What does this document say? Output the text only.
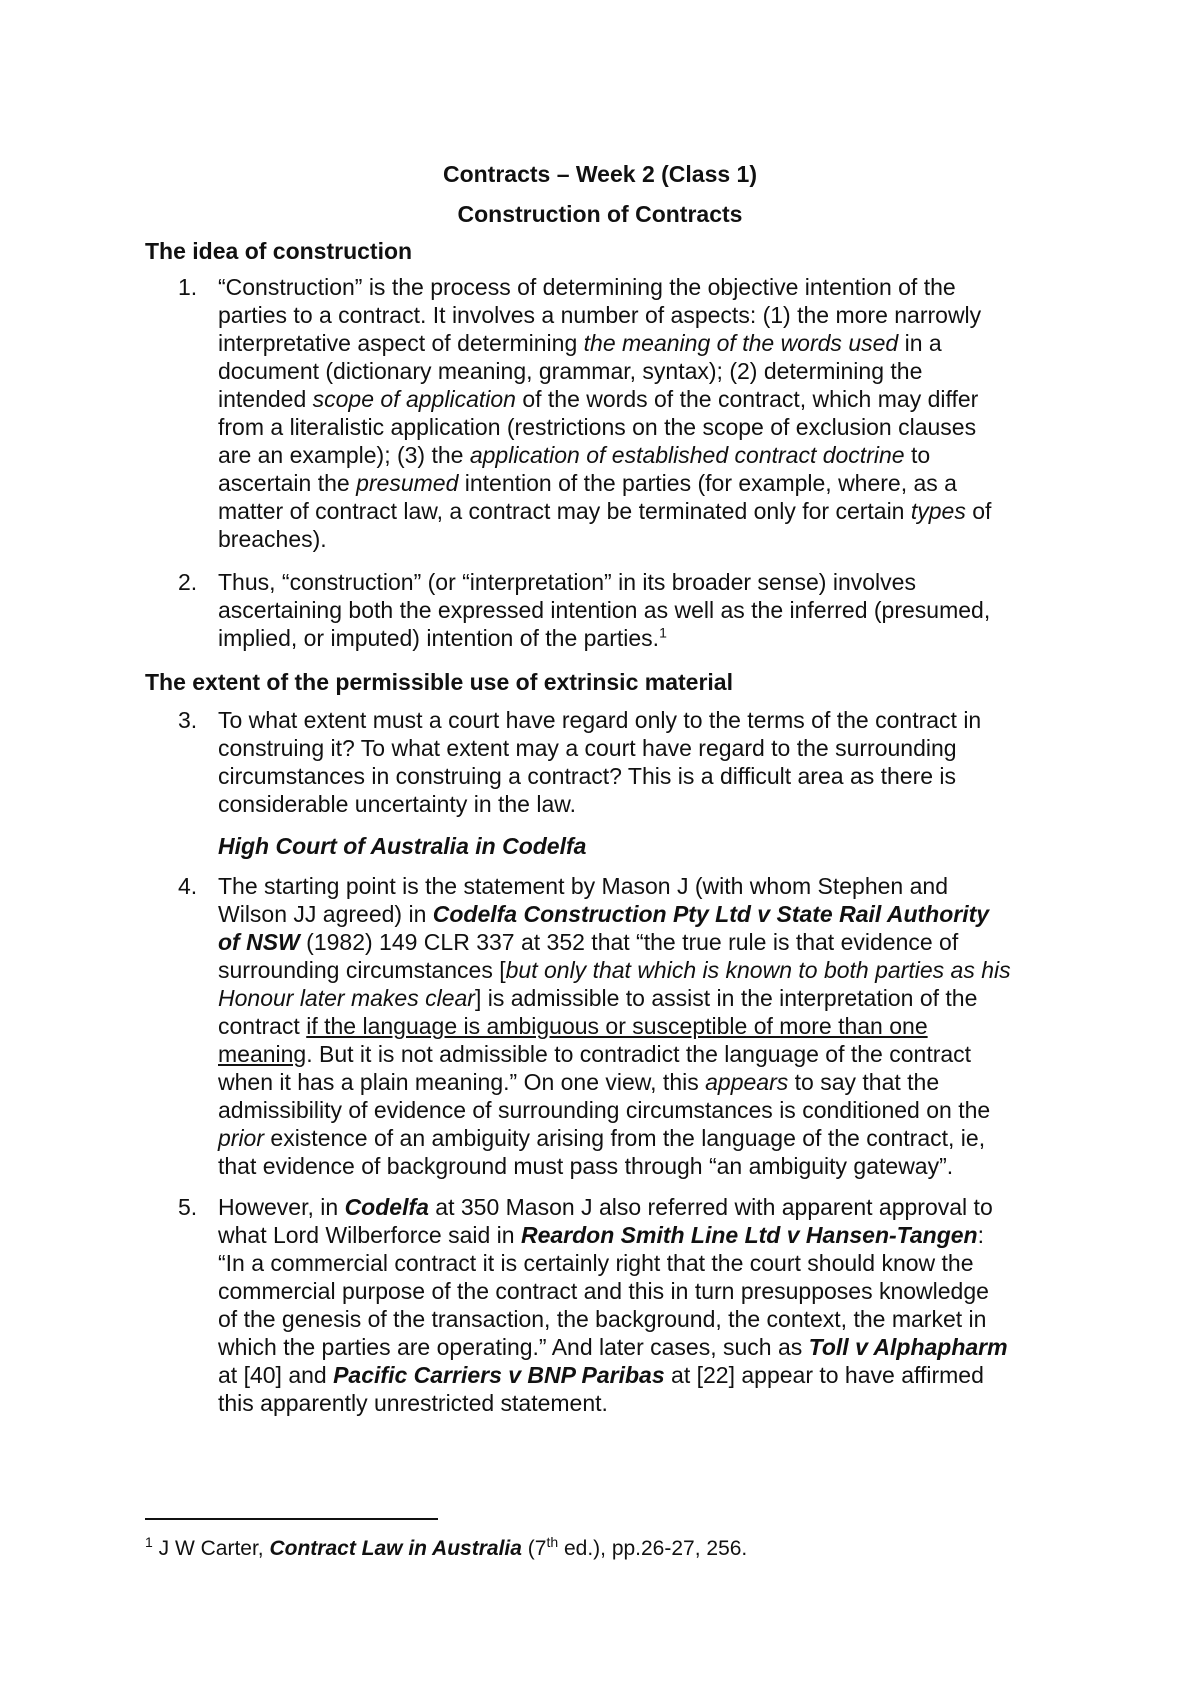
Contracts – Week 2 (Class 1)
Construction of Contracts
The idea of construction
1. “Construction” is the process of determining the objective intention of the
parties to a contract. It involves a number of aspects: (1) the more narrowly
interpretative aspect of determining the meaning of the words used in a
document (dictionary meaning, grammar, syntax); (2) determining the
intended scope of application of the words of the contract, which may differ
from a literalistic application (restrictions on the scope of exclusion clauses
are an example); (3) the application of established contract doctrine to
ascertain the presumed intention of the parties (for example, where, as a
matter of contract law, a contract may be terminated only for certain types of
breaches).
2. Thus, “construction” (or “interpretation” in its broader sense) involves
ascertaining both the expressed intention as well as the inferred (presumed,
implied, or imputed) intention of the parties.$^1$
The extent of the permissible use of extrinsic material
3. To what extent must a court have regard only to the terms of the contract in
construing it? To what extent may a court have regard to the surrounding
circumstances in construing a contract? This is a difficult area as there is
considerable uncertainty in the law.
High Court of Australia in Codelfa
4. The starting point is the statement by Mason J (with whom Stephen and
Wilson JJ agreed) in Codelfa Construction Pty Ltd v State Rail Authority
of NSW (1982) 149 CLR 337 at 352 that “the true rule is that evidence of
surrounding circumstances [but only that which is known to both parties as his
Honour later makes clear] is admissible to assist in the interpretation of the
contract if the language is ambiguous or susceptible of more than one
meaning. But it is not admissible to contradict the language of the contract
when it has a plain meaning.” On one view, this appears to say that the
admissibility of evidence of surrounding circumstances is conditioned on the
prior existence of an ambiguity arising from the language of the contract, ie,
that evidence of background must pass through “an ambiguity gateway”.
5. However, in Codelfa at 350 Mason J also referred with apparent approval to
what Lord Wilberforce said in Reardon Smith Line Ltd v Hansen-Tangen:
“In a commercial contract it is certainly right that the court should know the
commercial purpose of the contract and this in turn presupposes knowledge
of the genesis of the transaction, the background, the context, the market in
which the parties are operating.” And later cases, such as Toll v Alphapharm
at [40] and Pacific Carriers v BNP Paribas at [22] appear to have affirmed
this apparently unrestricted statement.
$^1$ J W Carter, Contract Law in Australia (7th ed.), pp.26-27, 256.
